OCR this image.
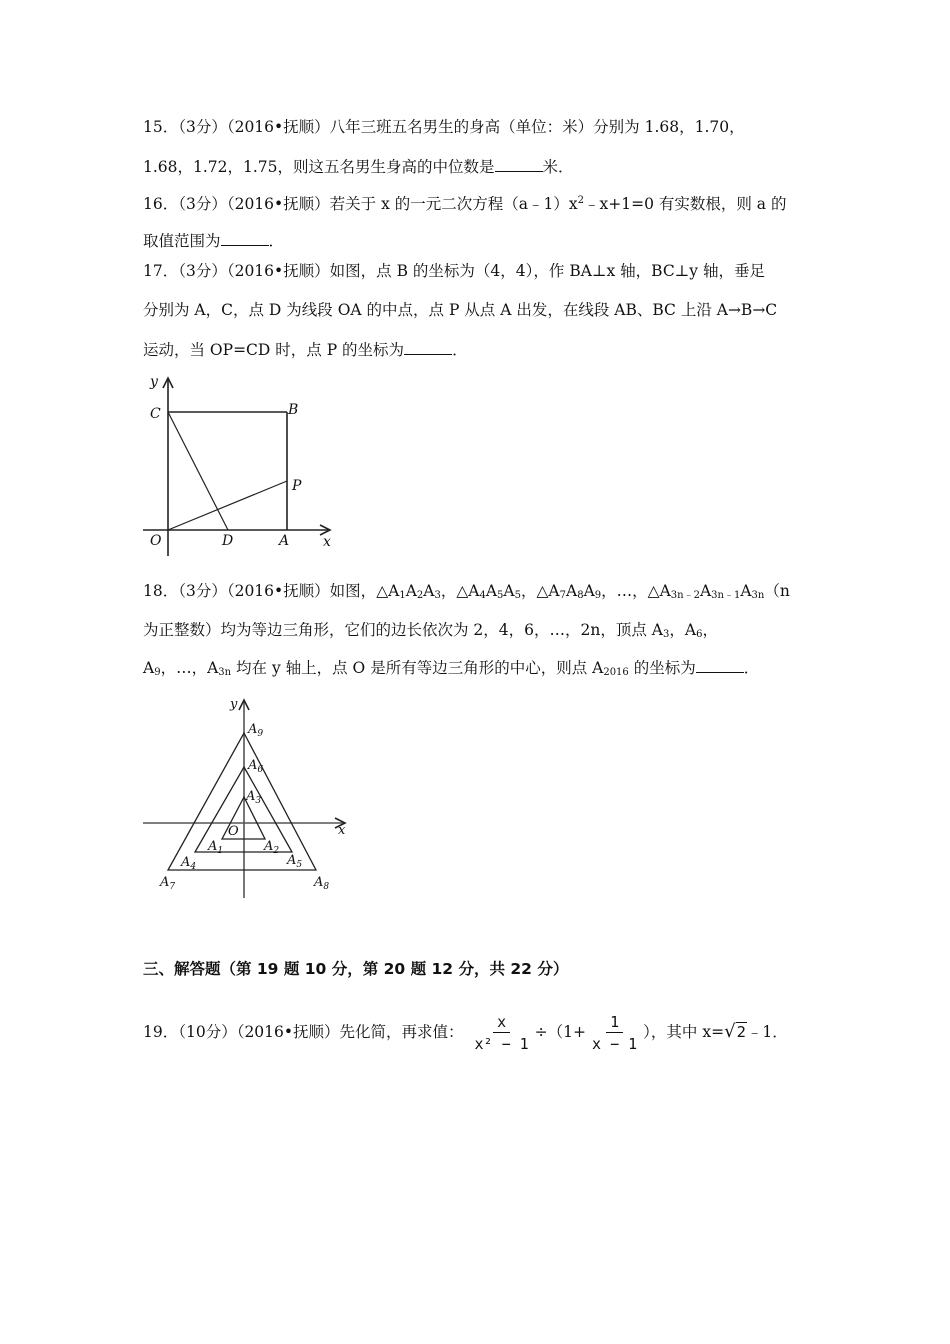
15．（3分）（2016•抚顺）八年三班五名男生的身高（单位：米）分别为 1.68，1.70，
1.68，1.72，1.75，则这五名男生身高的中位数是	米．
16．（3分）（2016•抚顺）若关于 x 的一元二次方程$(a﹣1)x^2﹣x+1=0$ 有实数根，则 a 的
取值范围为	．
17．（3分）（2016•抚顺）如图，点 B 的坐标为（4，4），作 BA⊥x 轴，BC⊥y 轴，垂足
分别为 A，C，点 D 为线段 OA 的中点，点 P 从点 A 出发，在线段 AB、BC 上沿 A→B→C
运动，当 OP=CD 时，点 P 的坐标为	．
y
x
C	B
P
O	D	A
18．（3分）（2016•抚顺）如图，$\triangle A_1A_2A_3$，$\triangle A_4A_5A_5$，$\triangle A_7A_8A_9$，…，$\triangle A_{3n﹣2}A_{3n﹣1}A_{3n}(n$
为正整数）均为等边三角形，它们的边长依次为 2，4，6，…，2n，顶点 $A_3$，$A_6$，
$A_9$，…，$A_{3n}$ 均在 y 轴上，点 O 是所有等边三角形的中心，则点 $A_{2016}$ 的坐标为	．
y
x
O
$A_9$
$A_6$
$A_3$
$A_1$	$A_2$
$A_4$	$A_5$
$A_7$	$A_8$
三、解答题（第 19 题 10 分，第 20 题 12 分，共 22 分）
19．（10分）（2016•抚顺）先化简，再求值： $\frac{x}{\text{x² − 1}} \div(1+ \frac{1}{x - 1}$ ），其中 x=√2﹣1．
